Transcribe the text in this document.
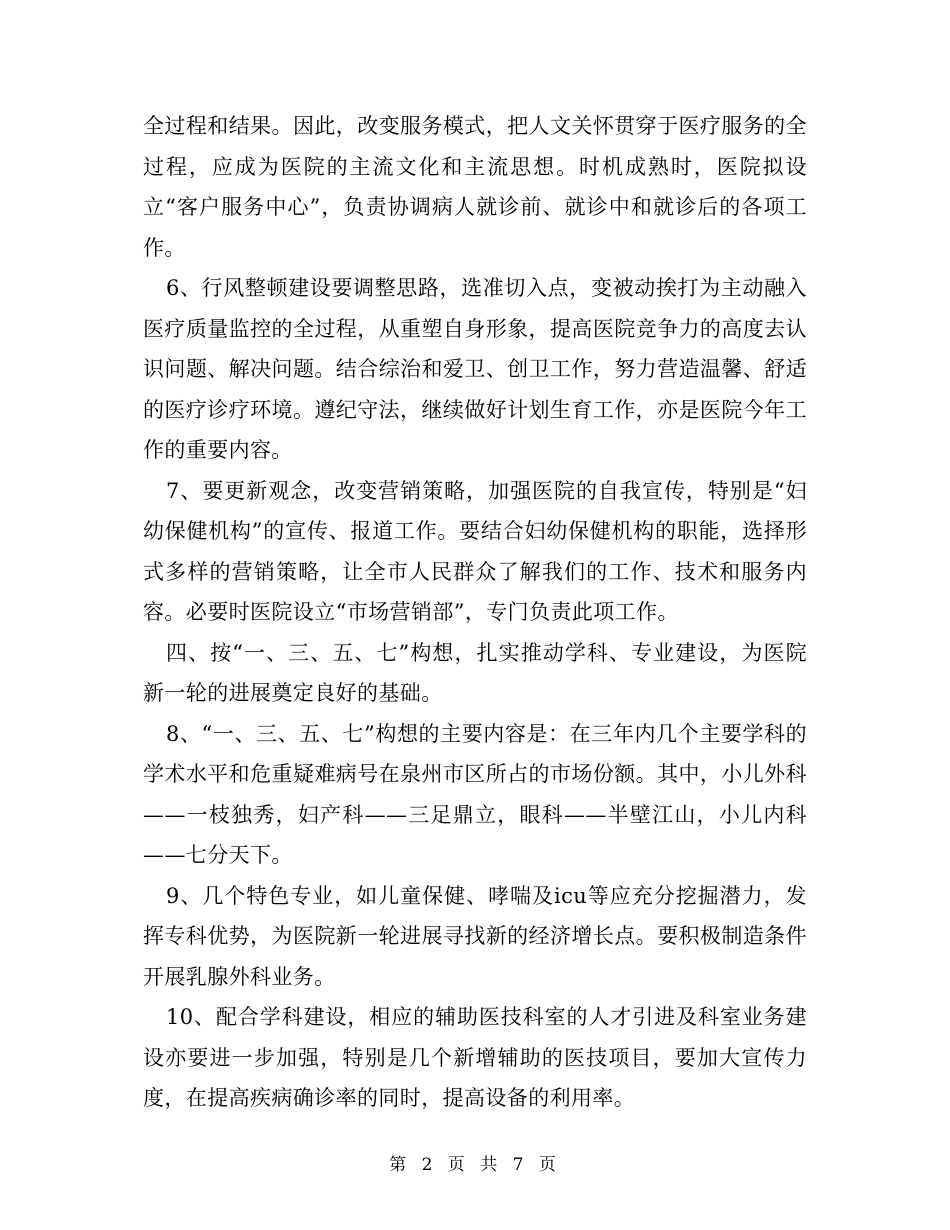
全过程和结果。因此，改变服务模式，把人文关怀贯穿于医疗服务的全过程，应成为医院的主流文化和主流思想。时机成熟时，医院拟设立“客户服务中心”，负责协调病人就诊前、就诊中和就诊后的各项工作。

6、行风整顿建设要调整思路，选准切入点，变被动挨打为主动融入医疗质量监控的全过程，从重塑自身形象，提高医院竞争力的高度去认识问题、解决问题。结合综治和爱卫、创卫工作，努力营造温馨、舒适的医疗诊疗环境。遵纪守法，继续做好计划生育工作，亦是医院今年工作的重要内容。

7、要更新观念，改变营销策略，加强医院的自我宣传，特别是“妇幼保健机构”的宣传、报道工作。要结合妇幼保健机构的职能，选择形式多样的营销策略，让全市人民群众了解我们的工作、技术和服务内容。必要时医院设立“市场营销部”，专门负责此项工作。

四、按“一、三、五、七”构想，扎实推动学科、专业建设，为医院新一轮的进展奠定良好的基础。

8、“一、三、五、七”构想的主要内容是：在三年内几个主要学科的学术水平和危重疑难病号在泉州市区所占的市场份额。其中，小儿外科——一枝独秀，妇产科——三足鼎立，眼科——半壁江山，小儿内科——七分天下。

9、几个特色专业，如儿童保健、哮喘及icu等应充分挖掘潜力，发挥专科优势，为医院新一轮进展寻找新的经济增长点。要积极制造条件开展乳腺外科业务。

10、配合学科建设，相应的辅助医技科室的人才引进及科室业务建设亦要进一步加强，特别是几个新增辅助的医技项目，要加大宣传力度，在提高疾病确诊率的同时，提高设备的利用率。

第 2 页 共 7 页
